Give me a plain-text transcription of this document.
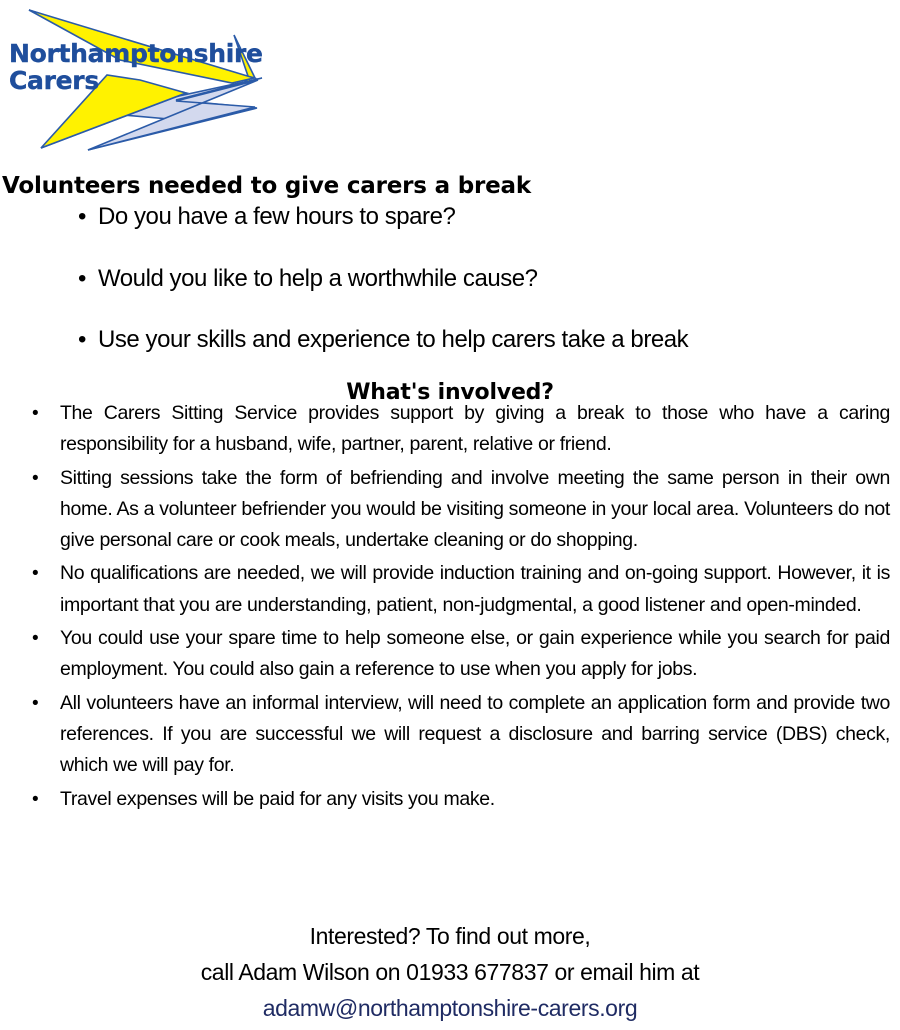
Northamptonshire
Carers
Volunteers needed to give carers a break
• Do you have a few hours to spare?
• Would you like to help a worthwhile cause?
• Use your skills and experience to help carers take a break
What's involved?
• The Carers Sitting Service provides support by giving a break to those who have a caring responsibility for a husband, wife, partner, parent, relative or friend.
• Sitting sessions take the form of befriending and involve meeting the same person in their own home. As a volunteer befriender you would be visiting someone in your local area. Volunteers do not give personal care or cook meals, undertake cleaning or do shopping.
• No qualifications are needed, we will provide induction training and on-going support. However, it is important that you are understanding, patient, non-judgmental, a good listener and open-minded.
• You could use your spare time to help someone else, or gain experience while you search for paid employment. You could also gain a reference to use when you apply for jobs.
• All volunteers have an informal interview, will need to complete an application form and provide two references. If you are successful we will request a disclosure and barring service (DBS) check, which we will pay for.
• Travel expenses will be paid for any visits you make.
Interested? To find out more,
call Adam Wilson on 01933 677837 or email him at
adamw@northamptonshire-carers.org
